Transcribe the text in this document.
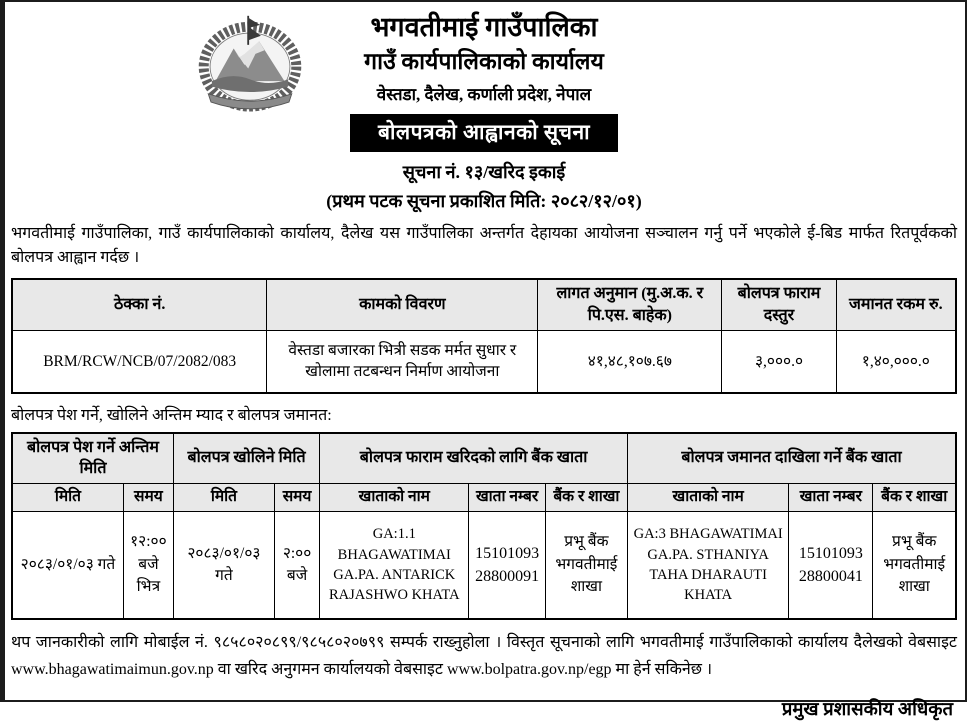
भगवतीमाई गाउँपालिका
गाउँ कार्यपालिकाको कार्यालय
वेस्तडा, दैलेख, कर्णाली प्रदेश, नेपाल
बोलपत्रको आह्वानको सूचना
सूचना नं. १३/खरिद इकाई
(प्रथम पटक सूचना प्रकाशित मिति: २०८२/१२/०१)

भगवतीमाई गाउँपालिका, गाउँ कार्यपालिकाको कार्यालय, दैलेख यस गाउँपालिका अन्तर्गत देहायका आयोजना सञ्चालन गर्नु पर्ने भएकोले ई-बिड मार्फत रितपूर्वकको बोलपत्र आह्वान गर्दछ ।

ठेक्का नं.	कामको विवरण	लागत अनुमान (मु.अ.क. र पि.एस. बाहेक)	बोलपत्र फाराम दस्तुर	जमानत रकम रु.
BRM/RCW/NCB/07/2082/083	वेस्तडा बजारका भित्री सडक मर्मत सुधार र खोलामा तटबन्धन निर्माण आयोजना	४१,४८,१०७.६७	३,०००.०	१,४०,०००.०

बोलपत्र पेश गर्ने, खोलिने अन्तिम म्याद र बोलपत्र जमानत:

बोलपत्र पेश गर्ने अन्तिम मिति		बोलपत्र खोलिने मिति		बोलपत्र फाराम खरिदको लागि बैंक खाता			बोलपत्र जमानत दाखिला गर्ने बैंक खाता		
मिति	समय	मिति	समय	खाताको नाम	खाता नम्बर	बैंक र शाखा	खाताको नाम	खाता नम्बर	बैंक र शाखा
२०८३/०१/०३ गते	१२:०० बजे भित्र	२०८३/०१/०३ गते	२:०० बजे	GA:1.1 BHAGAWATIMAI GA.PA. ANTARICK RAJASHWO KHATA	15101093 28800091	प्रभू बैंक भगवतीमाई शाखा	GA:3 BHAGAWATIMAI GA.PA. STHANIYA TAHA DHARAUTI KHATA	15101093 28800041	प्रभू बैंक भगवतीमाई शाखा

थप जानकारीको लागि मोबाईल नं. ९८५८०२०८९९/९८५८०२०७९९ सम्पर्क राख्नुहोला । विस्तृत सूचनाको लागि भगवतीमाई गाउँपालिकाको कार्यालय दैलेखको वेबसाइट www.bhagawatimaimun.gov.np वा खरिद अनुगमन कार्यालयको वेबसाइट www.bolpatra.gov.np/egp मा हेर्न सकिनेछ ।

प्रमुख प्रशासकीय अधिकृत
